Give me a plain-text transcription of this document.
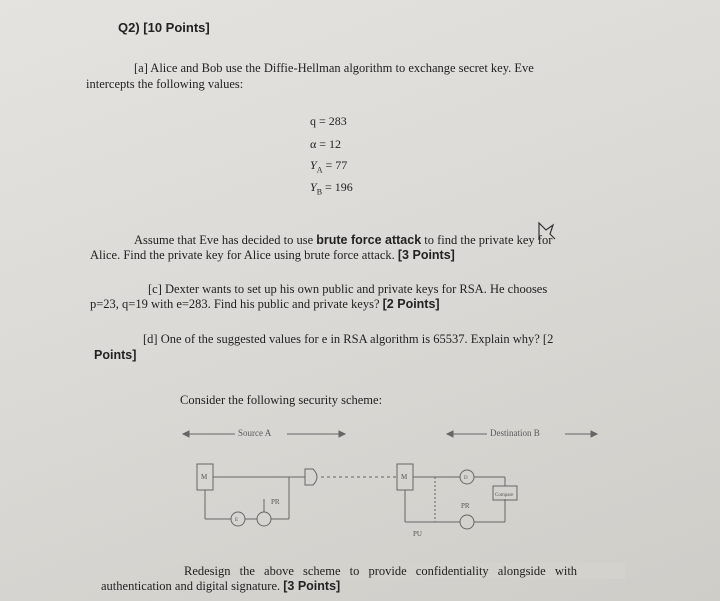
Q2) [10 Points]
[a] Alice and Bob use the Diffie-Hellman algorithm to exchange secret key. Eve
intercepts the following values:
q = 283
α = 12
$Y_A = 77$
$Y_B = 196$
Assume that Eve has decided to use brute force attack to find the private key for
Alice. Find the private key for Alice using brute force attack. [3 Points]
[c] Dexter wants to set up his own public and private keys for RSA. He chooses
p=23, q=19 with e=283. Find his public and private keys? [2 Points]
[d] One of the suggested values for e in RSA algorithm is 65537. Explain why? [2
Points]
Consider the following security scheme:
M
PR
M
Compare
E
D
PR
PU
Source A	Destination B
Redesign the above scheme to provide confidentiality alongside with
authentication and digital signature. [3 Points]
